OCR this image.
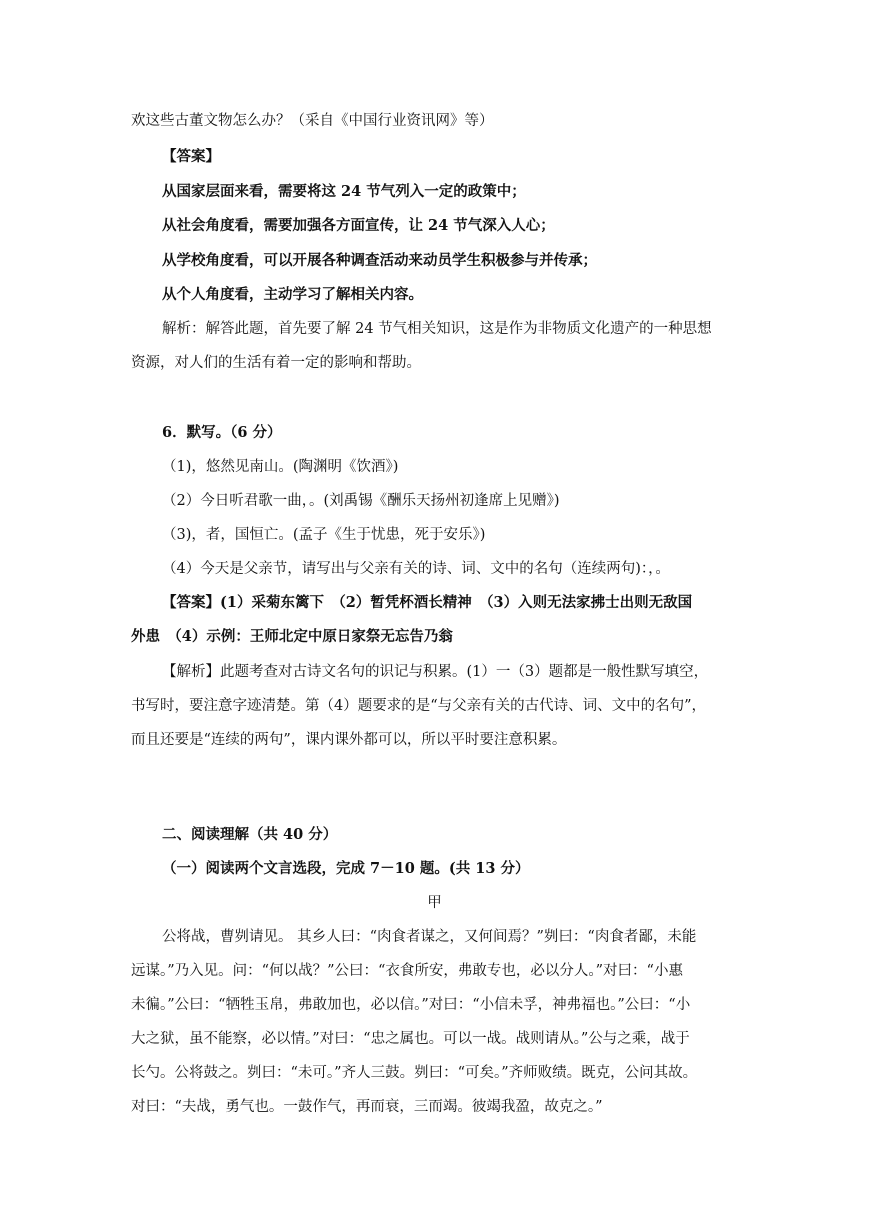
欢这些古董文物怎么办？（采自《中国行业资讯网》等）
【答案】
从国家层面来看，需要将这 24 节气列入一定的政策中；
从社会角度看，需要加强各方面宣传，让 24 节气深入人心；
从学校角度看，可以开展各种调查活动来动员学生积极参与并传承；
从个人角度看，主动学习了解相关内容。
解析：解答此题，首先要了解 24 节气相关知识，这是作为非物质文化遗产的一种思想
资源，对人们的生活有着一定的影响和帮助。
6．默写。（6 分）
（1)，悠然见南山。(陶渊明《饮酒》)
（2）今日听君歌一曲，。(刘禹锡《酬乐天扬州初逢席上见赠》)
（3)，者，国恒亡。(孟子《生于忧患，死于安乐》)
（4）今天是父亲节，请写出与父亲有关的诗、词、文中的名句（连续两句)：，。
【答案】(1）采菊东篱下　（2）暂凭杯酒长精神　（3）入则无法家拂士出则无敌国
外患　（4）示例：王师北定中原日家祭无忘告乃翁
【解析】此题考查对古诗文名句的识记与积累。(1）一（3）题都是一般性默写填空，
书写时，要注意字迹清楚。第（4）题要求的是“与父亲有关的古代诗、词、文中的名句”，
而且还要是“连续的两句”，课内课外都可以，所以平时要注意积累。
二、阅读理解（共 40 分）
（一）阅读两个文言选段，完成 7－10 题。(共 13 分）
甲
公将战，曹刿请见。 其乡人曰：“肉食者谋之，又何间焉？”刿曰：“肉食者鄙，未能
远谋。”乃入见。问：“何以战？”公曰：“衣食所安，弗敢专也，必以分人。”对曰：“小惠
未徧。”公曰：“牺牲玉帛，弗敢加也，必以信。”对曰：“小信未孚，神弗福也。”公曰：“小
大之狱，虽不能察，必以情。”对曰：“忠之属也。可以一战。战则请从。”公与之乘，战于
长勺。公将鼓之。刿曰：“未可。”齐人三鼓。刿曰：“可矣。”齐师败绩。既克，公问其故。
对曰：“夫战，勇气也。一鼓作气，再而衰，三而竭。彼竭我盈，故克之。”
